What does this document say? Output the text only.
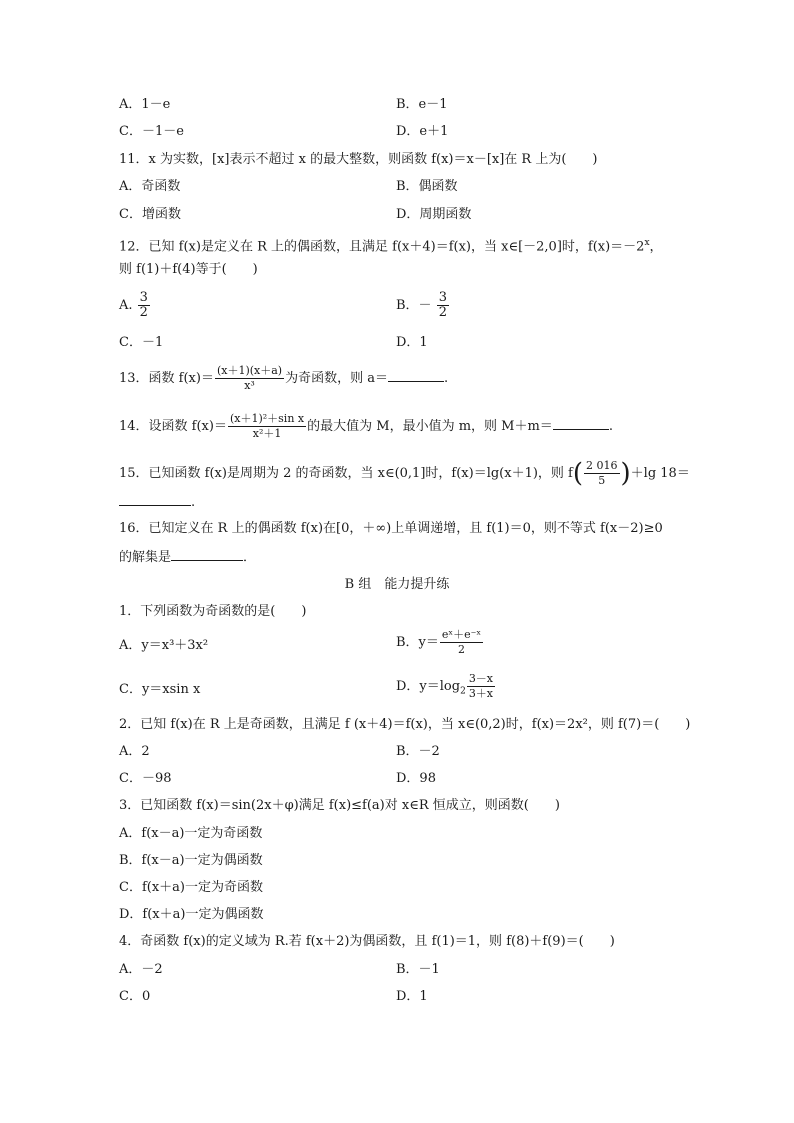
A．1－e	B．e－1
C．－1－e	D．e＋1
11．x 为实数，[x]表示不超过 x 的最大整数，则函数 f(x)＝x－[x]在 R 上为(　　)
A．奇函数	B．偶函数
C．增函数	D．周期函数
12．已知 f(x)是定义在 R 上的偶函数，且满足 f(x＋4)＝f(x)，当 x∈[－2,0]时，$f(x)=-2^x$，
则 f(1)＋f(4)等于(　　)
A. $\frac{3}{2}$	B．－ $\frac{3}{2}$
C．－1	D．1
13．函数 $f(x)= \frac{(x+1)(x+a)}{\text{x³}}$ 为奇函数，则 a＝	.
14．设函数 $f(x)= \frac{\text{(x＋1)²＋sin x}}{\text{x²＋1}}$ 的最大值为 M，最小值为 m，则 M＋m＝	.
15．已知函数 f(x)是周期为 2 的奇函数，当 x∈(0,1]时，f(x)＝lg(x＋1)，则 $f( \frac{2 016}{5} )+\lg$ 18＝
.
16．已知定义在 R 上的偶函数 f(x)在[0，＋∞)上单调递增，且 f(1)＝0，则不等式 f(x－2)≥0
的解集是	．
B 组　能力提升练
1．下列函数为奇函数的是(　　)
A．y＝x³＋3x²	B．$y= \frac{\text{eˣ＋e⁻ˣ}}{2}$
C．y＝xsin x	D．$y=\log_2 \frac{3-x}{3+x}$
2．已知 f(x)在 R 上是奇函数，且满足 f (x＋4)＝f(x)，当 x∈(0,2)时，f(x)＝2x²，则 f(7)＝(　　)
A．2	B．－2
C．－98	D．98
3．已知函数 f(x)＝sin(2x＋φ)满足 f(x)≤f(a)对 x∈R 恒成立，则函数(　　)
A．f(x－a)一定为奇函数
B．f(x－a)一定为偶函数
C．f(x＋a)一定为奇函数
D．f(x＋a)一定为偶函数
4．奇函数 f(x)的定义域为 R.若 f(x＋2)为偶函数，且 f(1)＝1，则 f(8)＋f(9)＝(　　)
A．－2	B．－1
C．0	D．1
